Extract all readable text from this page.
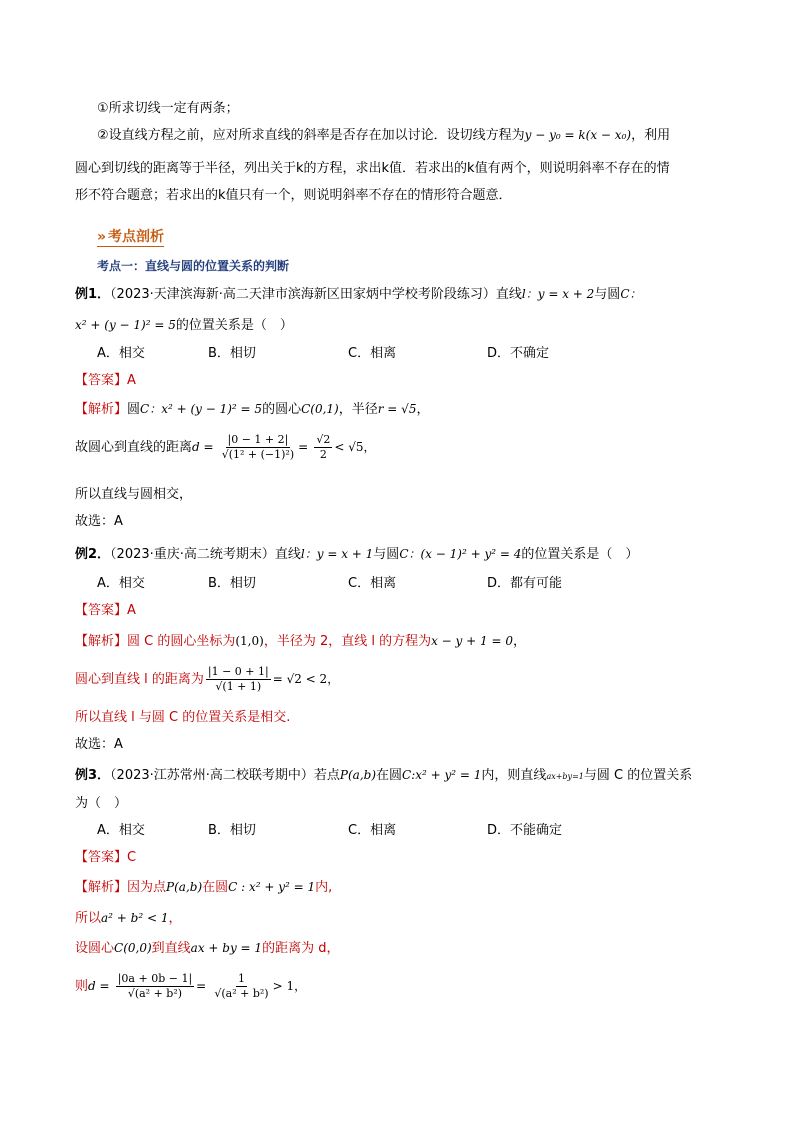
①所求切线一定有两条；
②设直线方程之前，应对所求直线的斜率是否存在加以讨论．设切线方程为y − y₀ = k(x − x₀)，利用
圆心到切线的距离等于半径，列出关于k的方程，求出k值．若求出的k值有两个，则说明斜率不存在的情
形不符合题意；若求出的k值只有一个，则说明斜率不存在的情形符合题意．
» 考点剖析
考点一：直线与圆的位置关系的判断
例1．（2023·天津滨海新·高二天津市滨海新区田家炳中学校考阶段练习）直线l：y = x + 2与圆C：
x² + (y − 1)² = 5的位置关系是（　）
A．相交	B．相切	C．相离	D．不确定
【答案】A
【解析】圆C：x² + (y − 1)² = 5的圆心C(0,1)，半径r = √5，
故圆心到直线的距离$d = \frac{|0 - 1 + 2|}{\text{√(1² + (−1)²)}} = \frac{√2}{2} < √5$，
所以直线与圆相交，
故选：A
例2．（2023·重庆·高二统考期末）直线l：y = x + 1与圆C：(x − 1)² + y² = 4的位置关系是（　）
A．相交	B．相切	C．相离	D．都有可能
【答案】A
【解析】圆 C 的圆心坐标为(1,0)，半径为 2，直线 l 的方程为x − y + 1 = 0，
圆心到直线 l 的距离为 $\frac{|1 - 0 + 1|}{√(1 + 1)} = √2 < 2$，
所以直线 l 与圆 C 的位置关系是相交.
故选：A
例3．（2023·江苏常州·高二校联考期中）若点P(a,b)在圆C:x² + y² = 1内，则直线ax+by=1与圆 C 的位置关系
为（　）
A．相交	B．相切	C．相离	D．不能确定
【答案】C
【解析】因为点P(a,b)在圆C : x² + y² = 1内,
所以a² + b² < 1，
设圆心C(0,0)到直线ax + by = 1的距离为 d，
则$d = \frac{|0a + 0b - 1|}{\text{√(a² + b²)}} = \frac{1}{\text{√(a² + b²)}} > 1$，
